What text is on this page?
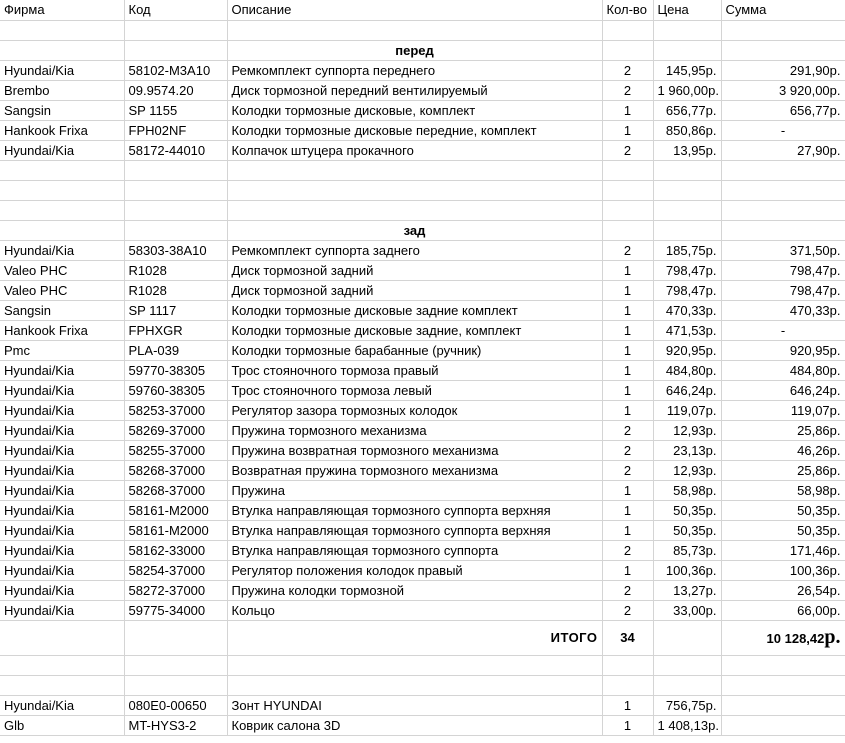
Фирма	Код	Описание	Кол-во	Цена	Сумма

		перед			
Hyundai/Kia	58102-M3A10	Ремкомплект суппорта переднего	2	145,95р.	291,90р.
Brembo	09.9574.20	Диск тормозной передний вентилируемый	2	1 960,00р.	3 920,00р.
Sangsin	SP 1155	Колодки тормозные дисковые, комплект	1	656,77р.	656,77р.
Hankook Frixa	FPH02NF	Колодки тормозные дисковые передние, комплект	1	850,86р.	-
Hyundai/Kia	58172-44010	Колпачок штуцера прокачного	2	13,95р.	27,90р.

		зад			
Hyundai/Kia	58303-38A10	Ремкомплект суппорта заднего	2	185,75р.	371,50р.
Valeo PHC	R1028	Диск тормозной задний	1	798,47р.	798,47р.
Valeo PHC	R1028	Диск тормозной задний	1	798,47р.	798,47р.
Sangsin	SP 1117	Колодки тормозные дисковые задние комплект	1	470,33р.	470,33р.
Hankook Frixa	FPHXGR	Колодки тормозные дисковые задние, комплект	1	471,53р.	-
Pmc	PLA-039	Колодки тормозные барабанные (ручник)	1	920,95р.	920,95р.
Hyundai/Kia	59770-38305	Трос стояночного тормоза правый	1	484,80р.	484,80р.
Hyundai/Kia	59760-38305	Трос стояночного тормоза левый	1	646,24р.	646,24р.
Hyundai/Kia	58253-37000	Регулятор зазора тормозных колодок	1	119,07р.	119,07р.
Hyundai/Kia	58269-37000	Пружина тормозного механизма	2	12,93р.	25,86р.
Hyundai/Kia	58255-37000	Пружина возвратная тормозного механизма	2	23,13р.	46,26р.
Hyundai/Kia	58268-37000	Возвратная пружина тормозного механизма	2	12,93р.	25,86р.
Hyundai/Kia	58268-37000	Пружина	1	58,98р.	58,98р.
Hyundai/Kia	58161-M2000	Втулка направляющая тормозного суппорта верхняя	1	50,35р.	50,35р.
Hyundai/Kia	58161-M2000	Втулка направляющая тормозного суппорта верхняя	1	50,35р.	50,35р.
Hyundai/Kia	58162-33000	Втулка направляющая тормозного суппорта	2	85,73р.	171,46р.
Hyundai/Kia	58254-37000	Регулятор положения колодок правый	1	100,36р.	100,36р.
Hyundai/Kia	58272-37000	Пружина колодки тормозной	2	13,27р.	26,54р.
Hyundai/Kia	59775-34000	Кольцо	2	33,00р.	66,00р.
		ИТОГО	34		10 128,42р.

Hyundai/Kia	080E0-00650	Зонт HYUNDAI	1	756,75р.	
Glb	MT-HYS3-2	Коврик салона 3D	1	1 408,13р.	
